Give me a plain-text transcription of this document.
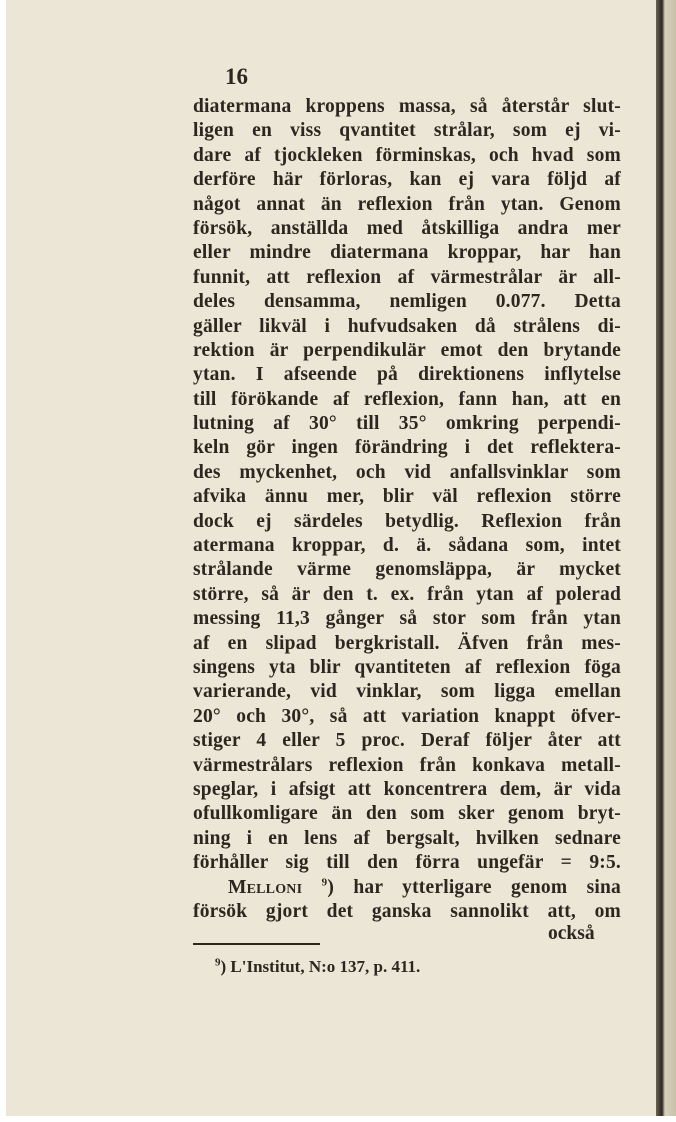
16
diatermana kroppens massa, så återstår slut-
ligen en viss qvantitet strålar, som ej vi-
dare af tjockleken förminskas, och hvad som
derföre här förloras, kan ej vara följd af
något annat än reflexion från ytan. Genom
försök, anställda med åtskilliga andra mer
eller mindre diatermana kroppar, har han
funnit, att reflexion af värmestrålar är all-
deles densamma, nemligen 0.077. Detta
gäller likväl i hufvudsaken då strålens di-
rektion är perpendikulär emot den brytande
ytan. I afseende på direktionens inflytelse
till förökande af reflexion, fann han, att en
lutning af 30° till 35° omkring perpendi-
keln gör ingen förändring i det reflektera-
des myckenhet, och vid anfallsvinklar som
afvika ännu mer, blir väl reflexion större
dock ej särdeles betydlig. Reflexion från
atermana kroppar, d. ä. sådana som, intet
strålande värme genomsläppa, är mycket
större, så är den t. ex. från ytan af polerad
messing 11,3 gånger så stor som från ytan
af en slipad bergkristall. Äfven från mes-
singens yta blir qvantiteten af reflexion föga
varierande, vid vinklar, som ligga emellan
20° och 30°, så att variation knappt öfver-
stiger 4 eller 5 proc. Deraf följer åter att
värmestrålars reflexion från konkava metall-
speglar, i afsigt att koncentrera dem, är vida
ofullkomligare än den som sker genom bryt-
ning i en lens af bergsalt, hvilken sednare
förhåller sig till den förra ungefär = 9:5.
Melloni $^9$) har ytterligare genom sina
försök gjort det ganska sannolikt att, om
också
$^9$) L'Institut, N:o 137, p. 411.
